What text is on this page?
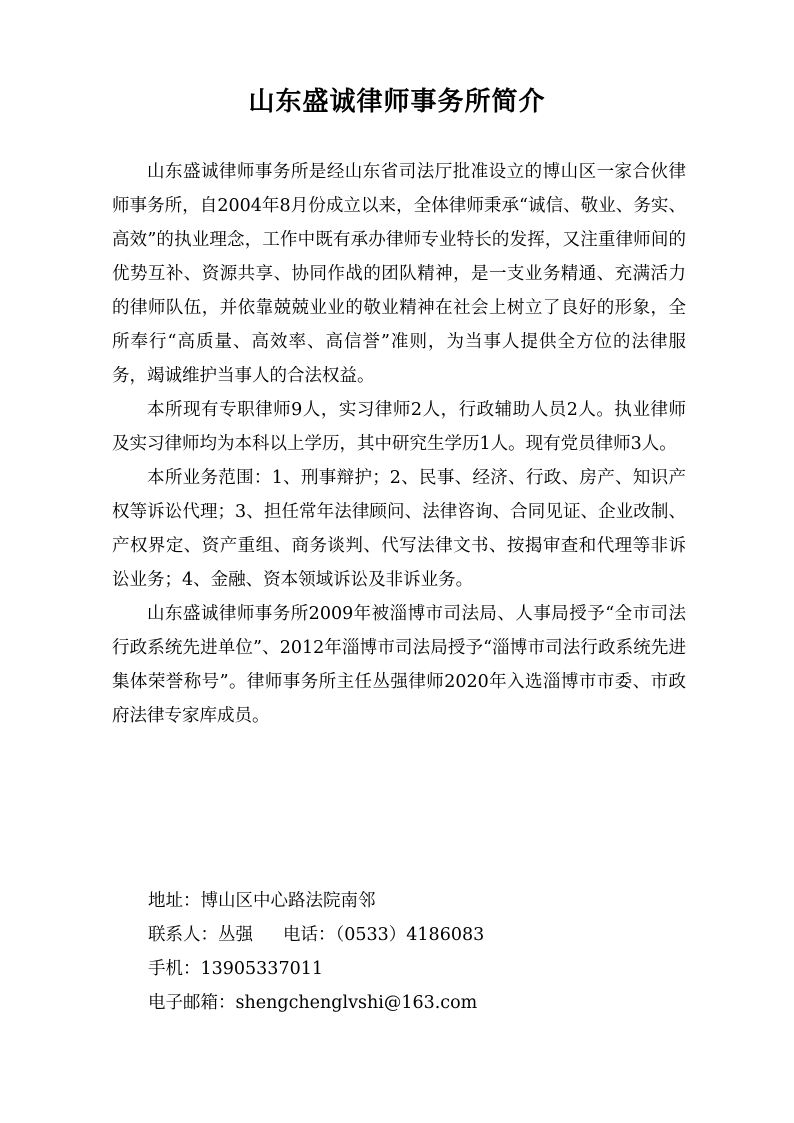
山东盛诚律师事务所简介

山东盛诚律师事务所是经山东省司法厅批准设立的博山区一家合伙律师事务所，自2004年8月份成立以来，全体律师秉承“诚信、敬业、务实、高效”的执业理念，工作中既有承办律师专业特长的发挥，又注重律师间的优势互补、资源共享、协同作战的团队精神，是一支业务精通、充满活力的律师队伍，并依靠兢兢业业的敬业精神在社会上树立了良好的形象，全所奉行“高质量、高效率、高信誉”准则，为当事人提供全方位的法律服务，竭诚维护当事人的合法权益。

本所现有专职律师9人，实习律师2人，行政辅助人员2人。执业律师及实习律师均为本科以上学历，其中研究生学历1人。现有党员律师3人。

本所业务范围：1、刑事辩护；2、民事、经济、行政、房产、知识产权等诉讼代理；3、担任常年法律顾问、法律咨询、合同见证、企业改制、产权界定、资产重组、商务谈判、代写法律文书、按揭审查和代理等非诉讼业务；4、金融、资本领域诉讼及非诉业务。

山东盛诚律师事务所2009年被淄博市司法局、人事局授予“全市司法行政系统先进单位”、2012年淄博市司法局授予“淄博市司法行政系统先进集体荣誉称号”。律师事务所主任丛强律师2020年入选淄博市市委、市政府法律专家库成员。

地址：博山区中心路法院南邻

联系人：丛强 电话：（0533）4186083

手机：13905337011

电子邮箱：shengchenglvshi@163.com
